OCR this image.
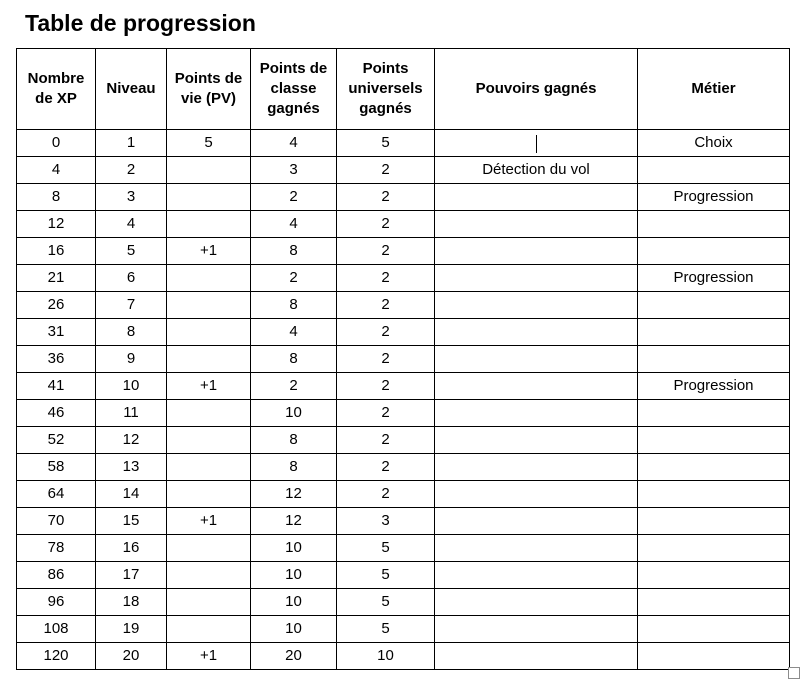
Table de progression
Nombre de XP	Niveau	Points de vie (PV)	Points de classe gagnés	Points universels gagnés	Pouvoirs gagnés	Métier
0	1	5	4	5		Choix
4	2		3	2	Détection du vol	
8	3		2	2		Progression
12	4		4	2		
16	5	+1	8	2		
21	6		2	2		Progression
26	7		8	2		
31	8		4	2		
36	9		8	2		
41	10	+1	2	2		Progression
46	11		10	2		
52	12		8	2		
58	13		8	2		
64	14		12	2		
70	15	+1	12	3		
78	16		10	5		
86	17		10	5		
96	18		10	5		
108	19		10	5		
120	20	+1	20	10		
